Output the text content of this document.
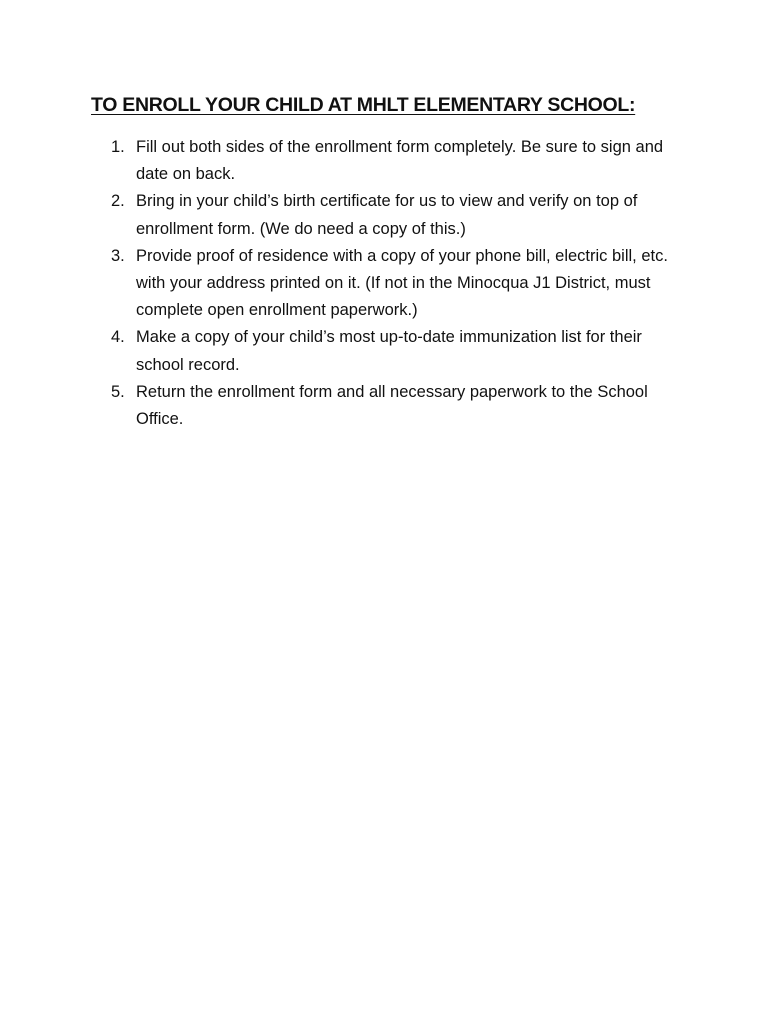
TO ENROLL YOUR CHILD AT MHLT ELEMENTARY SCHOOL:
1. Fill out both sides of the enrollment form completely. Be sure to sign and date on back.
2. Bring in your child’s birth certificate for us to view and verify on top of enrollment form. (We do need a copy of this.)
3. Provide proof of residence with a copy of your phone bill, electric bill, etc. with your address printed on it. (If not in the Minocqua J1 District, must complete open enrollment paperwork.)
4. Make a copy of your child’s most up-to-date immunization list for their school record.
5. Return the enrollment form and all necessary paperwork to the School Office.
